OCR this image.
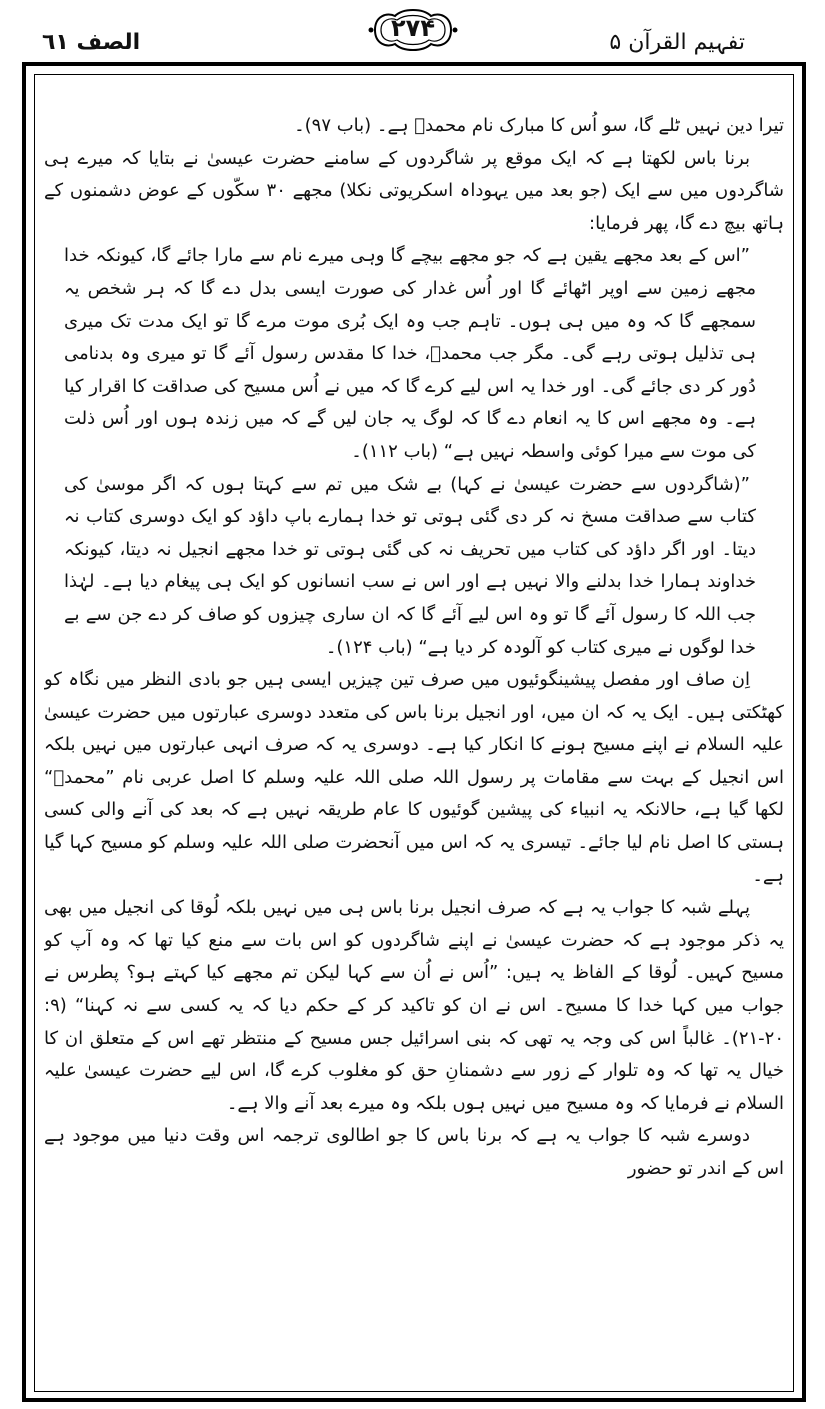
الصف ٦١
۲۷۴
تفہیم القرآن ۵

تیرا دین نہیں ٹلے گا، سو اُس کا مبارک نام محمدؐ ہے۔ (باب ۹۷)۔

برنا باس لکھتا ہے کہ ایک موقع پر شاگردوں کے سامنے حضرت عیسیٰ نے بتایا کہ میرے ہی شاگردوں میں سے ایک (جو بعد میں یہوداہ اسکریوتی نکلا) مجھے ۳۰ سکّوں کے عوض دشمنوں کے ہاتھ بیچ دے گا، پھر فرمایا:

”اس کے بعد مجھے یقین ہے کہ جو مجھے بیچے گا وہی میرے نام سے مارا جائے گا، کیونکہ خدا مجھے زمین سے اوپر اٹھائے گا اور اُس غدار کی صورت ایسی بدل دے گا کہ ہر شخص یہ سمجھے گا کہ وہ میں ہی ہوں۔ تاہم جب وہ ایک بُری موت مرے گا تو ایک مدت تک میری ہی تذلیل ہوتی رہے گی۔ مگر جب محمدؐ، خدا کا مقدس رسول آئے گا تو میری وہ بدنامی دُور کر دی جائے گی۔ اور خدا یہ اس لیے کرے گا کہ میں نے اُس مسیح کی صداقت کا اقرار کیا ہے۔ وہ مجھے اس کا یہ انعام دے گا کہ لوگ یہ جان لیں گے کہ میں زندہ ہوں اور اُس ذلت کی موت سے میرا کوئی واسطہ نہیں ہے“ (باب ۱۱۲)۔

”(شاگردوں سے حضرت عیسیٰ نے کہا) بے شک میں تم سے کہتا ہوں کہ اگر موسیٰ کی کتاب سے صداقت مسخ نہ کر دی گئی ہوتی تو خدا ہمارے باپ داؤد کو ایک دوسری کتاب نہ دیتا۔ اور اگر داؤد کی کتاب میں تحریف نہ کی گئی ہوتی تو خدا مجھے انجیل نہ دیتا، کیونکہ خداوند ہمارا خدا بدلنے والا نہیں ہے اور اس نے سب انسانوں کو ایک ہی پیغام دیا ہے۔ لہٰذا جب اللہ کا رسول آئے گا تو وہ اس لیے آئے گا کہ ان ساری چیزوں کو صاف کر دے جن سے بے خدا لوگوں نے میری کتاب کو آلودہ کر دیا ہے“ (باب ۱۲۴)۔

اِن صاف اور مفصل پیشینگوئیوں میں صرف تین چیزیں ایسی ہیں جو بادی النظر میں نگاہ کو کھٹکتی ہیں۔ ایک یہ کہ ان میں، اور انجیل برنا باس کی متعدد دوسری عبارتوں میں حضرت عیسیٰ علیہ السلام نے اپنے مسیح ہونے کا انکار کیا ہے۔ دوسری یہ کہ صرف انہی عبارتوں میں نہیں بلکہ اس انجیل کے بہت سے مقامات پر رسول اللہ صلی اللہ علیہ وسلم کا اصل عربی نام ”محمدؐ“ لکھا گیا ہے، حالانکہ یہ انبیاء کی پیشین گوئیوں کا عام طریقہ نہیں ہے کہ بعد کی آنے والی کسی ہستی کا اصل نام لیا جائے۔ تیسری یہ کہ اس میں آنحضرت صلی اللہ علیہ وسلم کو مسیح کہا گیا ہے۔

پہلے شبہ کا جواب یہ ہے کہ صرف انجیل برنا باس ہی میں نہیں بلکہ لُوقا کی انجیل میں بھی یہ ذکر موجود ہے کہ حضرت عیسیٰ نے اپنے شاگردوں کو اس بات سے منع کیا تھا کہ وہ آپ کو مسیح کہیں۔ لُوقا کے الفاظ یہ ہیں: ”اُس نے اُن سے کہا لیکن تم مجھے کیا کہتے ہو؟ پطرس نے جواب میں کہا خدا کا مسیح۔ اس نے ان کو تاکید کر کے حکم دیا کہ یہ کسی سے نہ کہنا“ (۹: ۲۰-۲۱)۔ غالباً اس کی وجہ یہ تھی کہ بنی اسرائیل جس مسیح کے منتظر تھے اس کے متعلق ان کا خیال یہ تھا کہ وہ تلوار کے زور سے دشمنانِ حق کو مغلوب کرے گا، اس لیے حضرت عیسیٰ علیہ السلام نے فرمایا کہ وہ مسیح میں نہیں ہوں بلکہ وہ میرے بعد آنے والا ہے۔

دوسرے شبہ کا جواب یہ ہے کہ برنا باس کا جو اطالوی ترجمہ اس وقت دنیا میں موجود ہے اس کے اندر تو حضور
